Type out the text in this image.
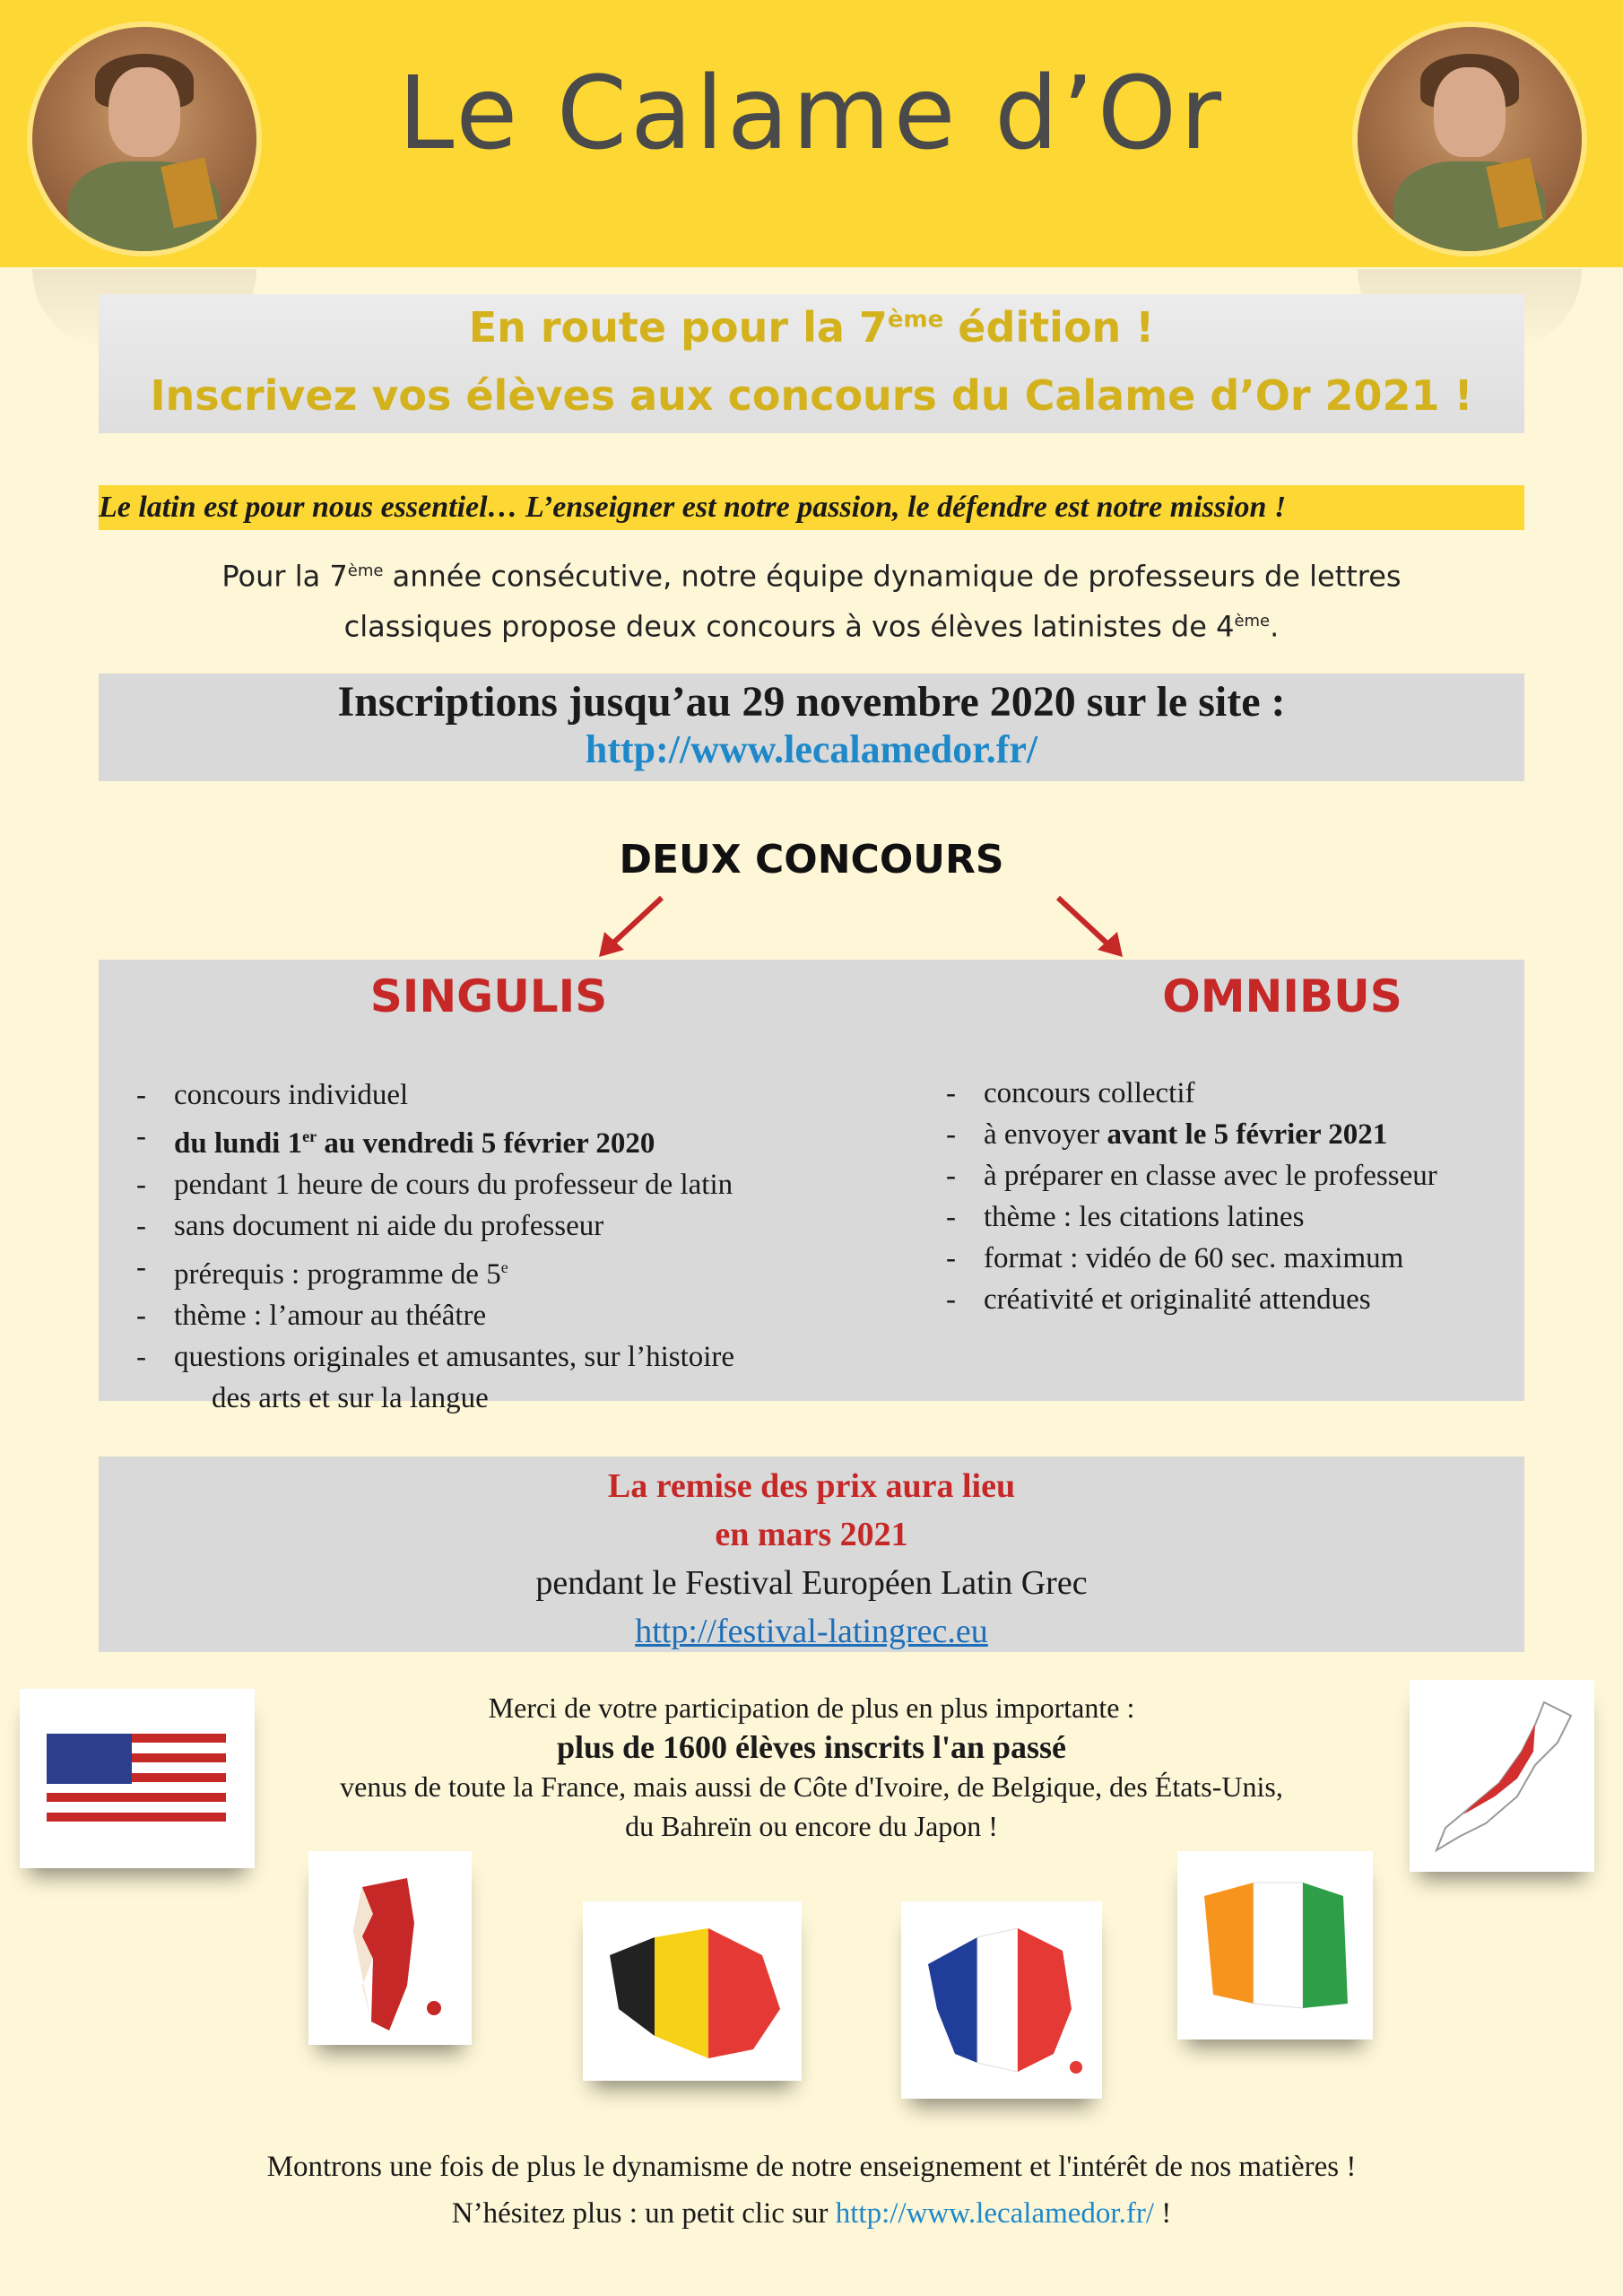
Le Calame d’Or
En route pour la 7ème édition !
Inscrivez vos élèves aux concours du Calame d’Or 2021 !
Le latin est pour nous essentiel… L’enseigner est notre passion, le défendre est notre mission !
Pour la 7ème année consécutive, notre équipe dynamique de professeurs de lettres
classiques propose deux concours à vos élèves latinistes de 4ème.
Inscriptions jusqu’au 29 novembre 2020 sur le site :
http://www.lecalamedor.fr/
DEUX CONCOURS
SINGULIS	OMNIBUS
- concours individuel
- du lundi 1er au vendredi 5 février 2020
- pendant 1 heure de cours du professeur de latin
- sans document ni aide du professeur
- prérequis : programme de 5e
- thème : l’amour au théâtre
- questions originales et amusantes, sur l’histoire
des arts et sur la langue
- concours collectif
- à envoyer avant le 5 février 2021
- à préparer en classe avec le professeur
- thème : les citations latines
- format : vidéo de 60 sec. maximum
- créativité et originalité attendues
La remise des prix aura lieu
en mars 2021
pendant le Festival Européen Latin Grec
http://festival-latingrec.eu
Merci de votre participation de plus en plus importante :
plus de 1600 élèves inscrits l'an passé
venus de toute la France, mais aussi de Côte d'Ivoire, de Belgique, des États-Unis,
du Bahreïn ou encore du Japon !
Montrons une fois de plus le dynamisme de notre enseignement et l'intérêt de nos matières !
N’hésitez plus : un petit clic sur http://www.lecalamedor.fr/ !
